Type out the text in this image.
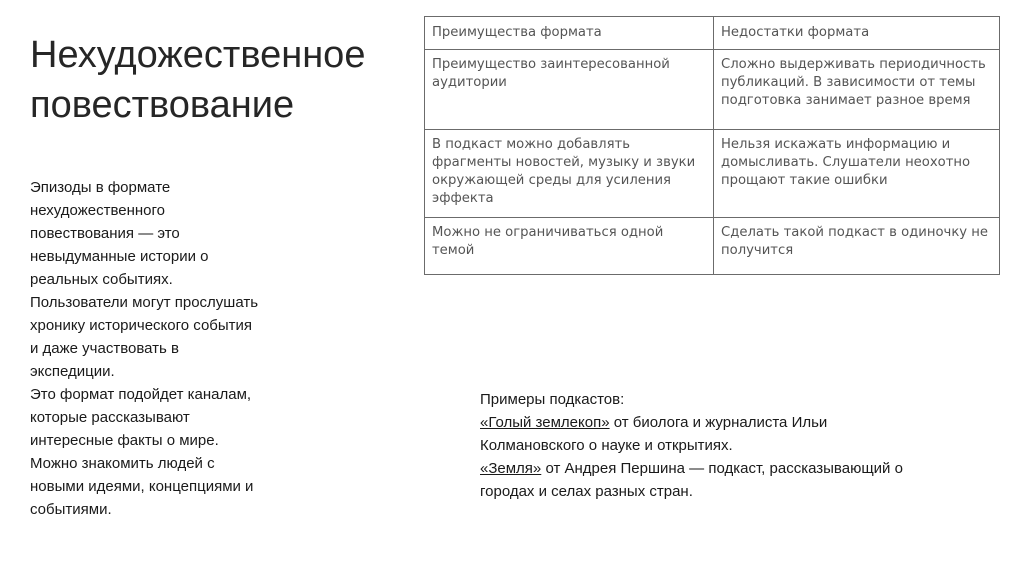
Нехудожественное
повествование
Эпизоды в формате
нехудожественного
повествования — это
невыдуманные истории о
реальных событиях.
Пользователи могут прослушать
хронику исторического события
и даже участвовать в
экспедиции.
Это формат подойдет каналам,
которые рассказывают
интересные факты о мире.
Можно знакомить людей с
новыми идеями, концепциями и
событиями.
Преимущества формата	Недостатки формата
Преимущество заинтересованной аудитории	Сложно выдерживать периодичность публикаций. В зависимости от темы подготовка занимает разное время
В подкаст можно добавлять фрагменты новостей, музыку и звуки окружающей среды для усиления эффекта	Нельзя искажать информацию и домысливать. Слушатели неохотно прощают такие ошибки
Можно не ограничиваться одной темой	Сделать такой подкаст в одиночку не получится
Примеры подкастов:
«Голый землекоп» от биолога и журналиста Ильи
Колмановского о науке и открытиях.
«Земля» от Андрея Першина — подкаст, рассказывающий о
городах и селах разных стран.
